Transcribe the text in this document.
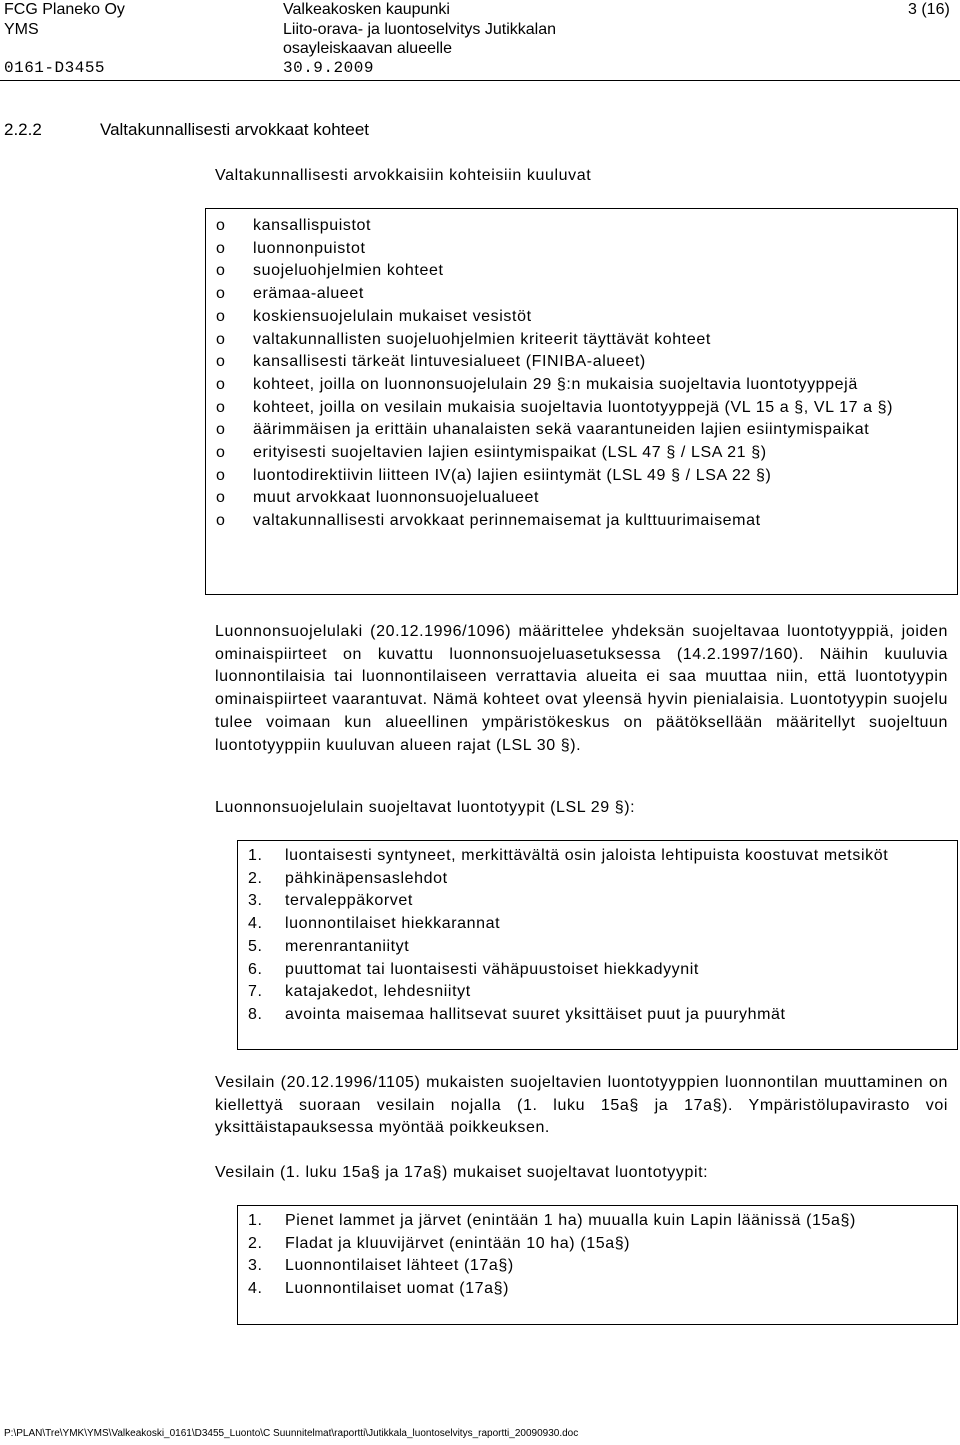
FCG Planeko Oy
YMS
Valkeakosken kaupunki
Liito-orava- ja luontoselvitys Jutikkalan
osayleiskaavan alueelle
3 (16)
0161-D3455	30.9.2009
2.2.2	Valtakunnallisesti arvokkaat kohteet
Valtakunnallisesti arvokkaisiin kohteisiin kuuluvat
o	kansallispuistot
o	luonnonpuistot
o	suojeluohjelmien kohteet
o	erämaa-alueet
o	koskiensuojelulain mukaiset vesistöt
o	valtakunnallisten suojeluohjelmien kriteerit täyttävät kohteet
o	kansallisesti tärkeät lintuvesialueet (FINIBA-alueet)
o	kohteet, joilla on luonnonsuojelulain 29 §:n mukaisia suojeltavia luontotyyppejä
o	kohteet, joilla on vesilain mukaisia suojeltavia luontotyyppejä (VL 15 a §, VL 17 a §)
o	äärimmäisen ja erittäin uhanalaisten sekä vaarantuneiden lajien esiintymispaikat
o	erityisesti suojeltavien lajien esiintymispaikat (LSL 47 § / LSA 21 §)
o	luontodirektiivin liitteen IV(a) lajien esiintymät (LSL 49 § / LSA 22 §)
o	muut arvokkaat luonnonsuojelualueet
o	valtakunnallisesti arvokkaat perinnemaisemat ja kulttuurimaisemat
Luonnonsuojelulaki (20.12.1996/1096) määrittelee yhdeksän suojeltavaa luontotyyppiä, joiden ominaispiirteet on kuvattu luonnonsuojeluasetuksessa (14.2.1997/160). Näihin kuuluvia luonnontilaisia tai luonnontilaiseen verrattavia alueita ei saa muuttaa niin, että luontotyypin ominaispiirteet vaarantuvat. Nämä kohteet ovat yleensä hyvin pienialaisia. Luontotyypin suojelu tulee voimaan kun alueellinen ympäristökeskus on päätöksellään määritellyt suojeltuun luontotyyppiin kuuluvan alueen rajat (LSL 30 §).
Luonnonsuojelulain suojeltavat luontotyypit (LSL 29 §):
1.	luontaisesti syntyneet, merkittävältä osin jaloista lehtipuista koostuvat metsiköt
2.	pähkinäpensaslehdot
3.	tervaleppäkorvet
4.	luonnontilaiset hiekkarannat
5.	merenrantaniityt
6.	puuttomat tai luontaisesti vähäpuustoiset hiekkadyynit
7.	katajakedot, lehdesniityt
8.	avointa maisemaa hallitsevat suuret yksittäiset puut ja puuryhmät
Vesilain (20.12.1996/1105) mukaisten suojeltavien luontotyyppien luonnontilan muuttaminen on kiellettyä suoraan vesilain nojalla (1. luku 15a§ ja 17a§). Ympäristölupavirasto voi yksittäistapauksessa myöntää poikkeuksen.
Vesilain (1. luku 15a§ ja 17a§) mukaiset suojeltavat luontotyypit:
1.	Pienet lammet ja järvet (enintään 1 ha) muualla kuin Lapin läänissä (15a§)
2.	Fladat ja kluuvijärvet (enintään 10 ha) (15a§)
3.	Luonnontilaiset lähteet (17a§)
4.	Luonnontilaiset uomat (17a§)
P:\PLAN\Tre\YMK\YMS\Valkeakoski_0161\D3455_Luonto\C Suunnitelmat\raportti\Jutikkala_luontoselvitys_raportti_20090930.doc
